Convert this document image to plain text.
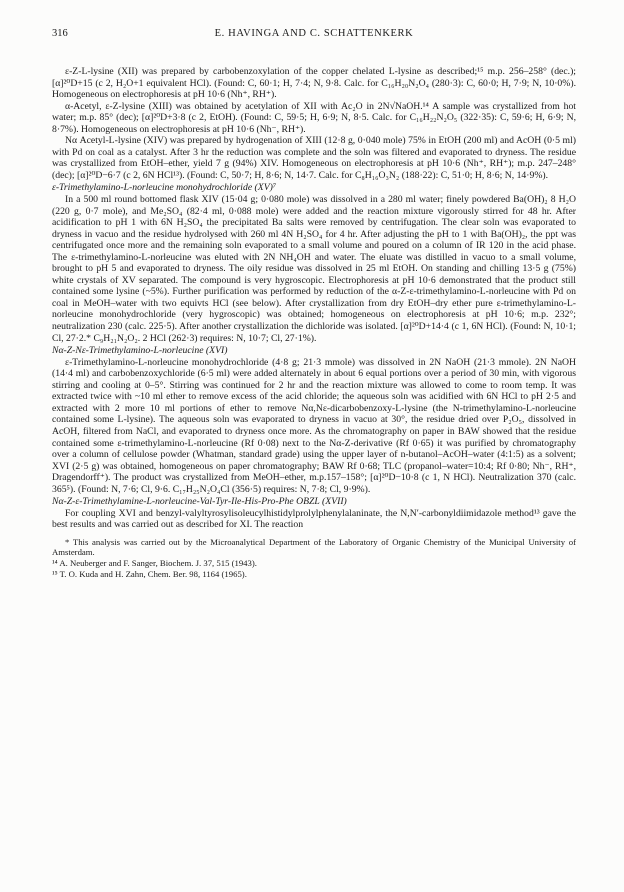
316	E. HAVINGA AND C. SCHATTENKERK

ε-Z-L-lysine (XII) was prepared by carbobenzoxylation of the copper chelated L-lysine as described;¹⁵ m.p. 256–258° (dec.); [α]²⁰D+15 (c 2, H₂O+1 equivalent HCl). (Found: C, 60·1; H, 7·4; N, 9·8. Calc. for C₁₆H₂₀N₂O₄ (280·3): C, 60·0; H, 7·9; N, 10·0%). Homogeneous on electrophoresis at pH 10·6 (Nh⁺, RH⁺).

α-Acetyl, ε-Z-lysine (XIII) was obtained by acetylation of XII with Ac₂O in 2N√NaOH.¹⁴ A sample was crystallized from hot water; m.p. 85° (dec); [α]²⁰D+3·8 (c 2, EtOH). (Found: C, 59·5; H, 6·9; N, 8·5. Calc. for C₁₆H₂₂N₂O₅ (322·35): C, 59·6; H, 6·9; N, 8·7%). Homogeneous on electrophoresis at pH 10·6 (Nh⁻, RH⁺).

Nα Acetyl-L-lysine (XIV) was prepared by hydrogenation of XIII (12·8 g, 0·040 mole) 75% in EtOH (200 ml) and AcOH (0·5 ml) with Pd on coal as a catalyst. After 3 hr the reduction was complete and the soln was filtered and evaporated to dryness. The residue was crystallized from EtOH–ether, yield 7 g (94%) XIV. Homogeneous on electrophoresis at pH 10·6 (Nh⁺, RH⁺); m.p. 247–248° (dec); [α]²⁰D−6·7 (c 2, 6N HCl¹³). (Found: C, 50·7; H, 8·6; N, 14·7. Calc. for C₈H₁₆O₃N₂ (188·22): C, 51·0; H, 8·6; N, 14·9%).

ε-Trimethylamino-L-norleucine monohydrochloride (XV)⁷

In a 500 ml round bottomed flask XIV (15·04 g; 0·080 mole) was dissolved in a 280 ml water; finely powdered Ba(OH)₂ 8 H₂O (220 g, 0·7 mole), and Me₂SO₄ (82·4 ml, 0·088 mole) were added and the reaction mixture vigorously stirred for 48 hr. After acidification to pH 1 with 6N H₂SO₄ the precipitated Ba salts were removed by centrifugation. The clear soln was evaporated to dryness in vacuo and the residue hydrolysed with 260 ml 4N H₂SO₄ for 4 hr. After adjusting the pH to 1 with Ba(OH)₂, the ppt was centrifugated once more and the remaining soln evaporated to a small volume and poured on a column of IR 120 in the acid phase. The ε-trimethylamino-L-norleucine was eluted with 2N NH₄OH and water. The eluate was distilled in vacuo to a small volume, brought to pH 5 and evaporated to dryness. The oily residue was dissolved in 25 ml EtOH. On standing and chilling 13·5 g (75%) white crystals of XV separated. The compound is very hygroscopic. Electrophoresis at pH 10·6 demonstrated that the product still contained some lysine (~5%). Further purification was performed by reduction of the α-Z-ε-trimethylamino-L-norleucine with Pd on coal in MeOH–water with two equivts HCl (see below). After crystallization from dry EtOH–dry ether pure ε-trimethylamino-L-norleucine monohydrochloride (very hygroscopic) was obtained; homogeneous on electrophoresis at pH 10·6; m.p. 232°; neutralization 230 (calc. 225·5). After another crystallization the dichloride was isolated. [α]²⁰D+14·4 (c 1, 6N HCl). (Found: N, 10·1; Cl, 27·2.* C₉H₂₁N₂O₂. 2 HCl (262·3) requires: N, 10·7; Cl, 27·1%).

Nα-Z-Nε-Trimethylamino-L-norleucine (XVI)

ε-Trimethylamino-L-norleucine monohydrochloride (4·8 g; 21·3 mmole) was dissolved in 2N NaOH (21·3 mmole). 2N NaOH (14·4 ml) and carbobenzoxychloride (6·5 ml) were added alternately in about 6 equal portions over a period of 30 min, with vigorous stirring and cooling at 0–5°. Stirring was continued for 2 hr and the reaction mixture was allowed to come to room temp. It was extracted twice with ~10 ml ether to remove excess of the acid chloride; the aqueous soln was acidified with 6N HCl to pH 2·5 and extracted with 2 more 10 ml portions of ether to remove Nα,Nε-dicarbobenzoxy-L-lysine (the N-trimethylamino-L-norleucine contained some L-lysine). The aqueous soln was evaporated to dryness in vacuo at 30°, the residue dried over P₂O₅, dissolved in AcOH, filtered from NaCl, and evaporated to dryness once more. As the chromatography on paper in BAW showed that the residue contained some ε-trimethylamino-L-norleucine (Rf 0·08) next to the Nα-Z-derivative (Rf 0·65) it was purified by chromatography over a column of cellulose powder (Whatman, standard grade) using the upper layer of n-butanol–AcOH–water (4:1:5) as a solvent; XVI (2·5 g) was obtained, homogeneous on paper chromatography; BAW Rf 0·68; TLC (propanol–water=10:4; Rf 0·80; Nh⁻, RH⁺, Dragendorff⁺). The product was crystallized from MeOH–ether, m.p.157–158°; [α]²⁰D−10·8 (c 1, N HCl). Neutralization 370 (calc. 365⁵). (Found: N, 7·6; Cl, 9·6. C₁₇H₂₅N₂O₄Cl (356·5) requires: N, 7·8; Cl, 9·9%).

Nα-Z-ε-Trimethylamine-L-norleucine-Val-Tyr-Ile-His-Pro-Phe OBZL (XVII)

For coupling XVI and benzyl-valyltyrosylisoleucylhistidylprolylphenylalaninate, the N,N′-carbonyldiimidazole method¹³ gave the best results and was carried out as described for XI. The reaction

* This analysis was carried out by the Microanalytical Department of the Laboratory of Organic Chemistry of the Municipal University of Amsterdam.

¹⁴ A. Neuberger and F. Sanger, Biochem. J. 37, 515 (1943).

¹⁵ T. O. Kuda and H. Zahn, Chem. Ber. 98, 1164 (1965).
